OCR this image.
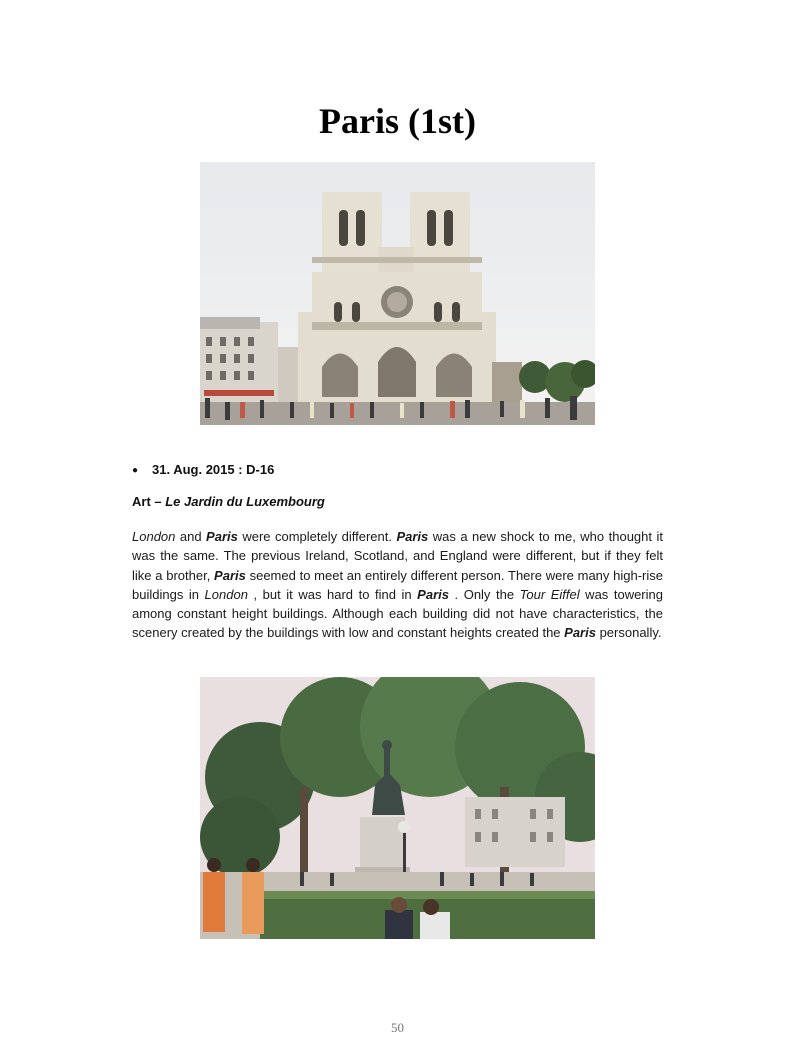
Paris (1st)
● 31. Aug. 2015 : D-16
Art – Le Jardin du Luxembourg
London and Paris were completely different. Paris was a new shock to me, who thought it was the same. The previous Ireland, Scotland, and England were different, but if they felt like a brother, Paris seemed to meet an entirely different person. There were many high-rise buildings in London , but it was hard to find in Paris . Only the Tour Eiffel was towering among constant height buildings. Although each building did not have characteristics, the scenery created by the buildings with low and constant heights created the Paris personally.
50
